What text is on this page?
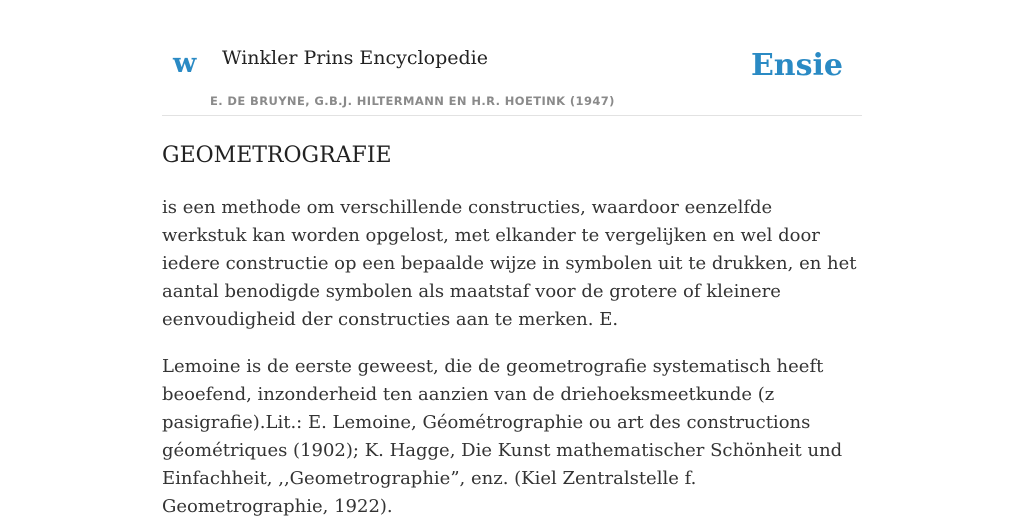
w Winkler Prins Encyclopedie
E. DE BRUYNE, G.B.J. HILTERMANN EN H.R. HOETINK (1947)
Ensie
GEOMETROGRAFIE

is een methode om verschillende constructies, waardoor eenzelfde werkstuk kan worden opgelost, met elkander te vergelijken en wel door iedere constructie op een bepaalde wijze in symbolen uit te drukken, en het aantal benodigde symbolen als maatstaf voor de grotere of kleinere eenvoudigheid der constructies aan te merken. E.

Lemoine is de eerste geweest, die de geometrografie systematisch heeft beoefend, inzonderheid ten aanzien van de driehoeksmeetkunde (z pasigrafie).Lit.: E. Lemoine, Géométrographie ou art des constructions géométriques (1902); K. Hagge, Die Kunst mathematischer Schönheit und Einfachheit, ,,Geometrographie”, enz. (Kiel Zentralstelle f. Geometrographie, 1922).
